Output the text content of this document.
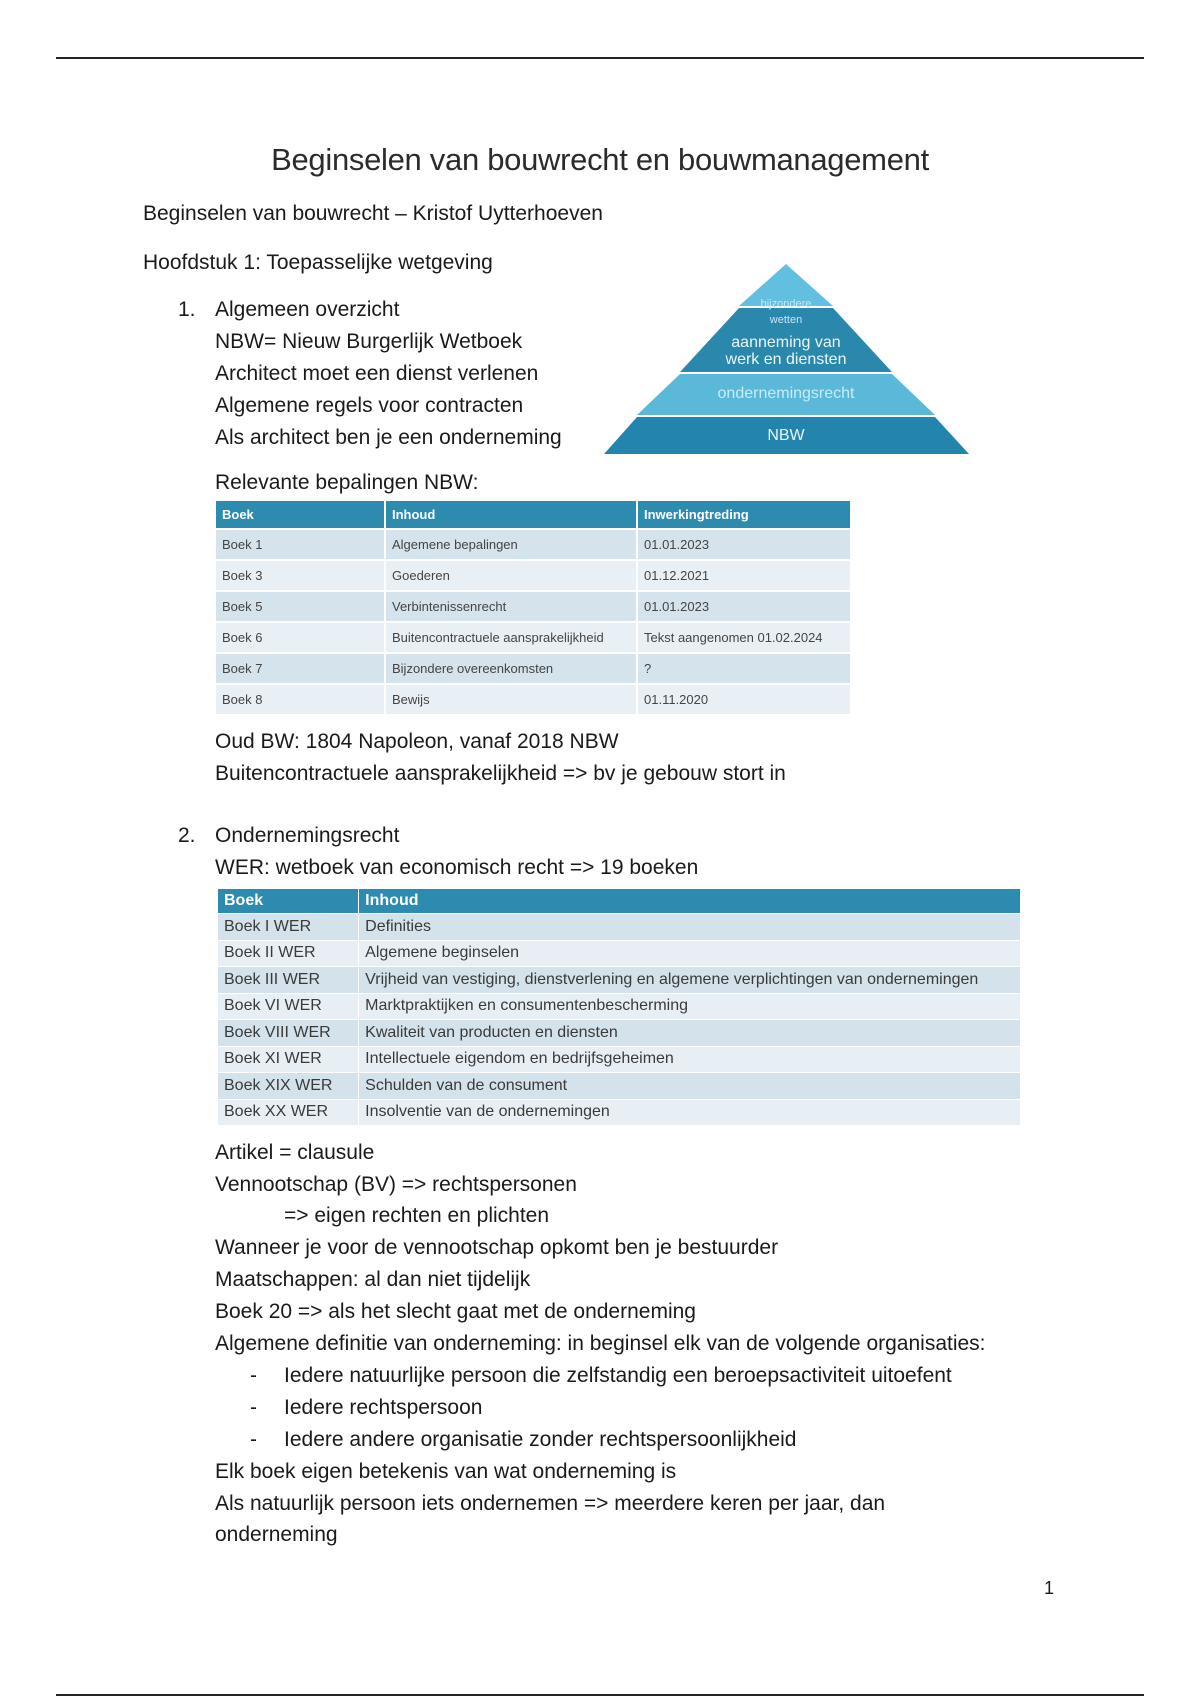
Beginselen van bouwrecht en bouwmanagement
Beginselen van bouwrecht – Kristof Uytterhoeven
Hoofdstuk 1: Toepasselijke wetgeving
1. Algemeen overzicht
NBW= Nieuw Burgerlijk Wetboek
Architect moet een dienst verlenen
Algemene regels voor contracten
Als architect ben je een onderneming
bijzondere
wetten
aanneming van
werk en diensten
ondernemingsrecht
NBW
Relevante bepalingen NBW:
Boek	Inhoud	Inwerkingtreding
Boek 1	Algemene bepalingen	01.01.2023
Boek 3	Goederen	01.12.2021
Boek 5	Verbintenissenrecht	01.01.2023
Boek 6	Buitencontractuele aansprakelijkheid	Tekst aangenomen 01.02.2024
Boek 7	Bijzondere overeenkomsten	?
Boek 8	Bewijs	01.11.2020
Oud BW: 1804 Napoleon, vanaf 2018 NBW
Buitencontractuele aansprakelijkheid => bv je gebouw stort in
2. Ondernemingsrecht
WER: wetboek van economisch recht => 19 boeken
Boek	Inhoud
Boek I WER	Definities
Boek II WER	Algemene beginselen
Boek III WER	Vrijheid van vestiging, dienstverlening en algemene verplichtingen van ondernemingen
Boek VI WER	Marktpraktijken en consumentenbescherming
Boek VIII WER	Kwaliteit van producten en diensten
Boek XI WER	Intellectuele eigendom en bedrijfsgeheimen
Boek XIX WER	Schulden van de consument
Boek XX WER	Insolventie van de ondernemingen
Artikel = clausule
Vennootschap (BV) => rechtspersonen
=> eigen rechten en plichten
Wanneer je voor de vennootschap opkomt ben je bestuurder
Maatschappen: al dan niet tijdelijk
Boek 20 => als het slecht gaat met de onderneming
Algemene definitie van onderneming: in beginsel elk van de volgende organisaties:
- Iedere natuurlijke persoon die zelfstandig een beroepsactiviteit uitoefent
- Iedere rechtspersoon
- Iedere andere organisatie zonder rechtspersoonlijkheid
Elk boek eigen betekenis van wat onderneming is
Als natuurlijk persoon iets ondernemen => meerdere keren per jaar, dan
onderneming
1
